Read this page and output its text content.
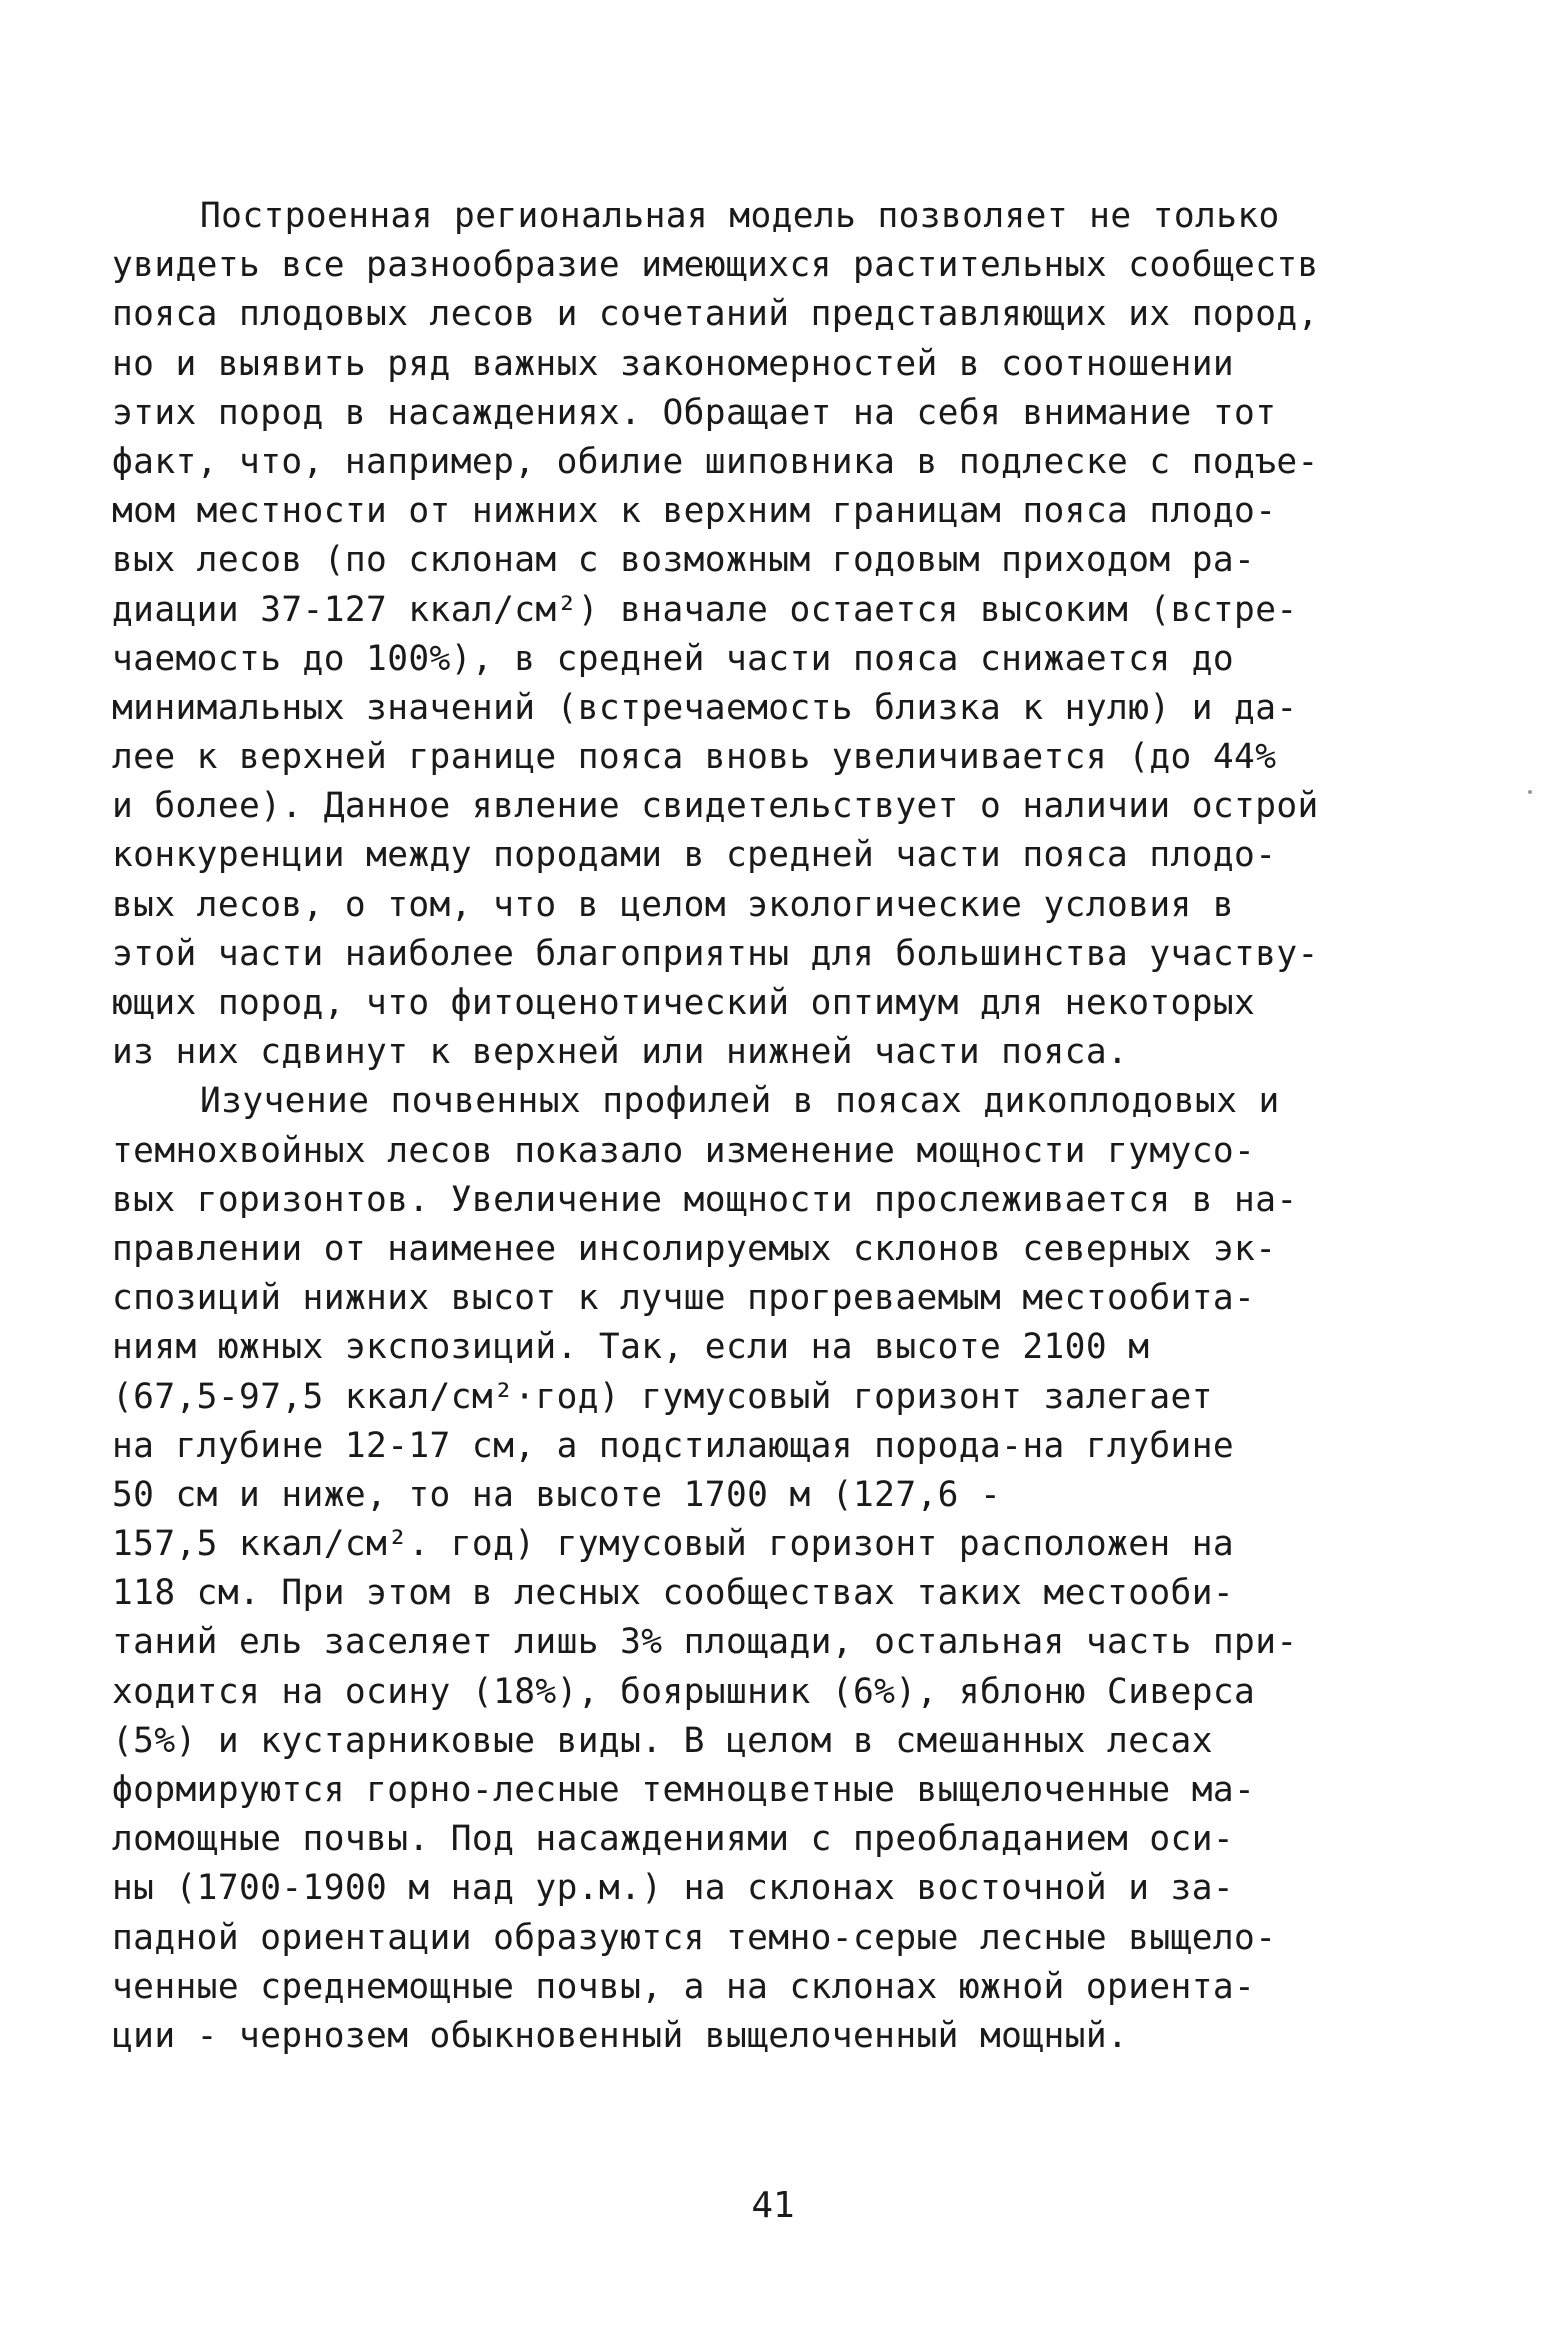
Построенная региональная модель позволяет не только
увидеть все разнообразие имеющихся растительных сообществ
пояса плодовых лесов и сочетаний представляющих их пород,
но и выявить ряд важных закономерностей в соотношении
этих пород в насаждениях. Обращает на себя внимание тот
факт, что, например, обилие шиповника в подлеске с подъе-
мом местности от нижних к верхним границам пояса плодо-
вых лесов (по склонам с возможным годовым приходом ра-
диации 37-127 ккал/см²) вначале остается высоким (встре-
чаемость до 100%), в средней части пояса снижается до
минимальных значений (встречаемость близка к нулю) и да-
лее к верхней границе пояса вновь увеличивается (до 44%
и более). Данное явление свидетельствует о наличии острой
конкуренции между породами в средней части пояса плодо-
вых лесов, о том, что в целом экологические условия в
этой части наиболее благоприятны для большинства участву-
ющих пород, что фитоценотический оптимум для некоторых
из них сдвинут к верхней или нижней части пояса.
Изучение почвенных профилей в поясах дикоплодовых и
темнохвойных лесов показало изменение мощности гумусо-
вых горизонтов. Увеличение мощности прослеживается в на-
правлении от наименее инсолируемых склонов северных эк-
спозиций нижних высот к лучше прогреваемым местообита-
ниям южных экспозиций. Так, если на высоте 2100 м
(67,5-97,5 ккал/см²·год) гумусовый горизонт залегает
на глубине 12-17 см, а подстилающая порода-на глубине
50 см и ниже, то на высоте 1700 м (127,6 -
157,5 ккал/см². год) гумусовый горизонт расположен на
118 см. При этом в лесных сообществах таких местооби-
таний ель заселяет лишь 3% площади, остальная часть при-
ходится на осину (18%), боярышник (6%), яблоню Сиверса
(5%) и кустарниковые виды. В целом в смешанных лесах
формируются горно-лесные темноцветные выщелоченные ма-
ломощные почвы. Под насаждениями с преобладанием оси-
ны (1700-1900 м над ур.м.) на склонах восточной и за-
падной ориентации образуются темно-серые лесные выщело-
ченные среднемощные почвы, а на склонах южной ориента-
ции - чернозем обыкновенный выщелоченный мощный.
41
